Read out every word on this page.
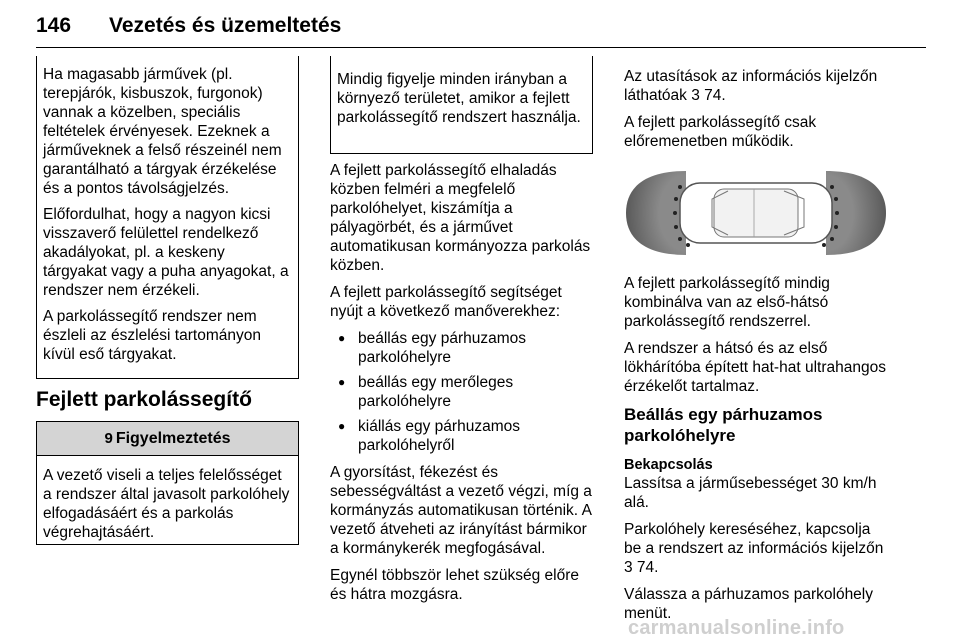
146 Vezetés és üzemeltetés

Ha magasabb járművek (pl. terepjárók, kisbuszok, furgonok) vannak a közelben, speciális feltételek érvényesek. Ezeknek a járműveknek a felső részeinél nem garantálható a tárgyak érzékelése és a pontos távolságjelzés.

Előfordulhat, hogy a nagyon kicsi visszaverő felülettel rendelkező akadályokat, pl. a keskeny tárgyakat vagy a puha anyagokat, a rendszer nem érzékeli.

A parkolássegítő rendszer nem észleli az észlelési tartományon kívül eső tárgyakat.

Fejlett parkolássegítő
9 Figyelmeztetés
A vezető viseli a teljes felelősséget a rendszer által javasolt parkolóhely elfogadásáért és a parkolás végrehajtásáért.
Mindig figyelje minden irányban a környező területet, amikor a fejlett parkolássegítő rendszert használja.

A fejlett parkolássegítő elhaladás közben felméri a megfelelő parkolóhelyet, kiszámítja a pályagörbét, és a járművet automatikusan kormányozza parkolás közben.

A fejlett parkolássegítő segítséget nyújt a következő manőverekhez:

● beállás egy párhuzamos parkolóhelyre
● beállás egy merőleges parkolóhelyre
● kiállás egy párhuzamos parkolóhelyről

A gyorsítást, fékezést és sebességváltást a vezető végzi, míg a kormányzás automatikusan történik. A vezető átveheti az irányítást bármikor a kormánykerék megfogásával.

Egynél többször lehet szükség előre és hátra mozgásra.

Az utasítások az információs kijelzőn láthatóak 3 74.

A fejlett parkolássegítő csak előremenetben működik.

A fejlett parkolássegítő mindig kombinálva van az első-hátsó parkolássegítő rendszerrel.

A rendszer a hátsó és az első lökhárítóba épített hat-hat ultrahangos érzékelőt tartalmaz.

Beállás egy párhuzamos parkolóhelyre
Bekapcsolás

Lassítsa a járműsebességet 30 km/h alá.

Parkolóhely kereséséhez, kapcsolja be a rendszert az információs kijelzőn 3 74.

Válassza a párhuzamos parkolóhely menüt.

carmanualsonline.info
